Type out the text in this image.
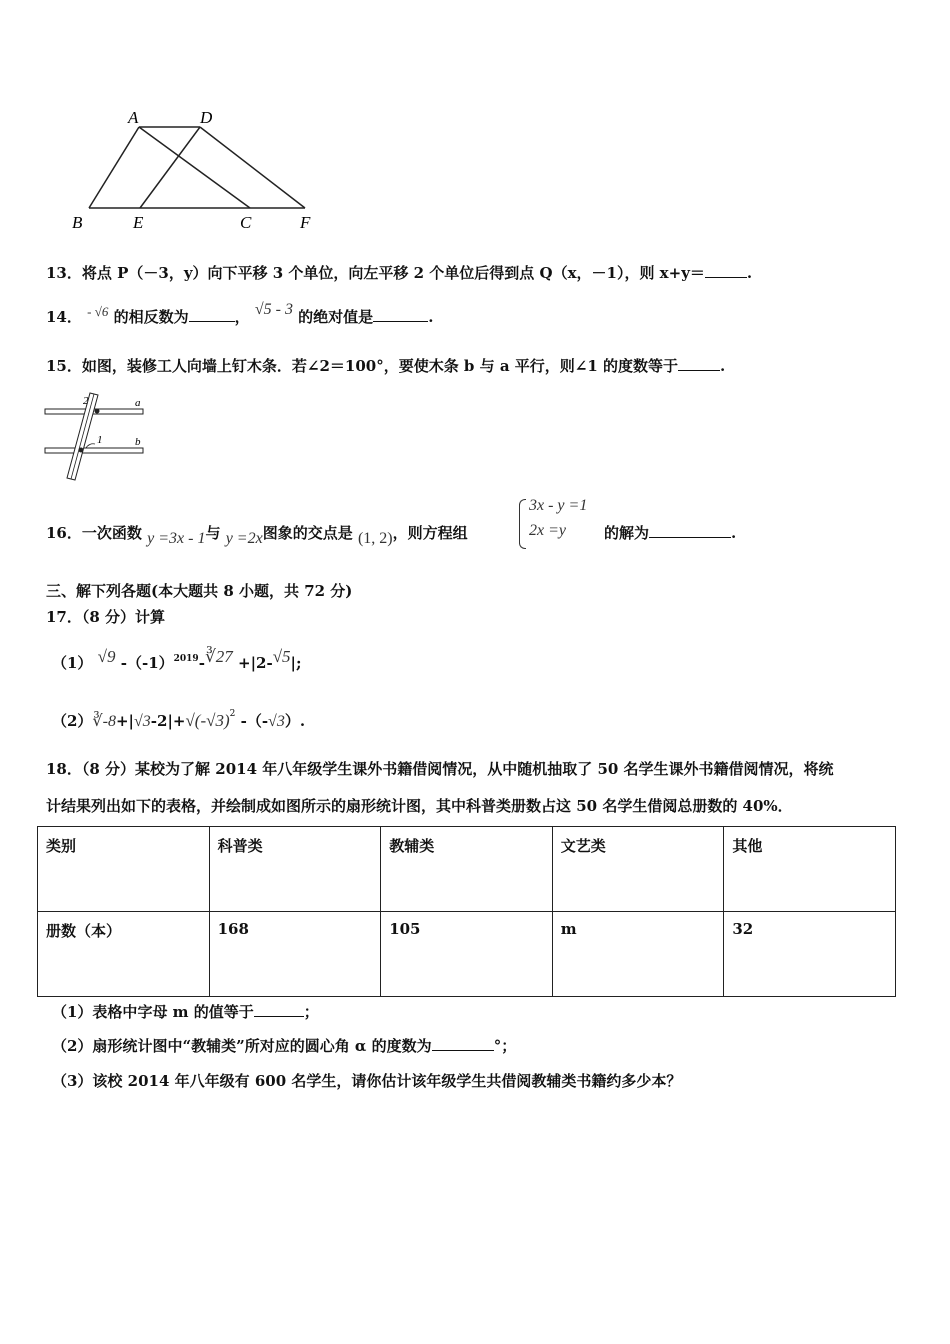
A	D
B	E	C	F
13．将点 P（－3，y）向下平移 3 个单位，向左平移 2 个单位后得到点 Q（x，－1），则 x+y＝	.
14． - √6 的相反数为	， √5 - 3 的绝对值是	.
15．如图，装修工人向墙上钉木条．若∠2＝100°，要使木条 b 与 a 平行，则∠1 的度数等于	.
2
1
a
b
16．一次函数 y =3x - 1与 y =2x图象的交点是 (1, 2)，则方程组
3x - y =1
2x =y	的解为	.
三、解下列各题(本大题共 8 小题，共 72 分)
17．（8 分）计算
（1） √9 $-(-1)^{2019}-∛27 +|2-√5|$;
$(2)∛-8+|√3-2|+√(-√3)^2$ -（-√3）.
18．（8 分）某校为了解 2014 年八年级学生课外书籍借阅情况，从中随机抽取了 50 名学生课外书籍借阅情况，将统
计结果列出如下的表格，并绘制成如图所示的扇形统计图，其中科普类册数占这 50 名学生借阅总册数的 40%．
类别	科普类	教辅类	文艺类	其他
册数（本）	168	105	m	32
（1）表格中字母 m 的值等于	；
（2）扇形统计图中“教辅类”所对应的圆心角 α 的度数为	°；
（3）该校 2014 年八年级有 600 名学生，请你估计该年级学生共借阅教辅类书籍约多少本？
